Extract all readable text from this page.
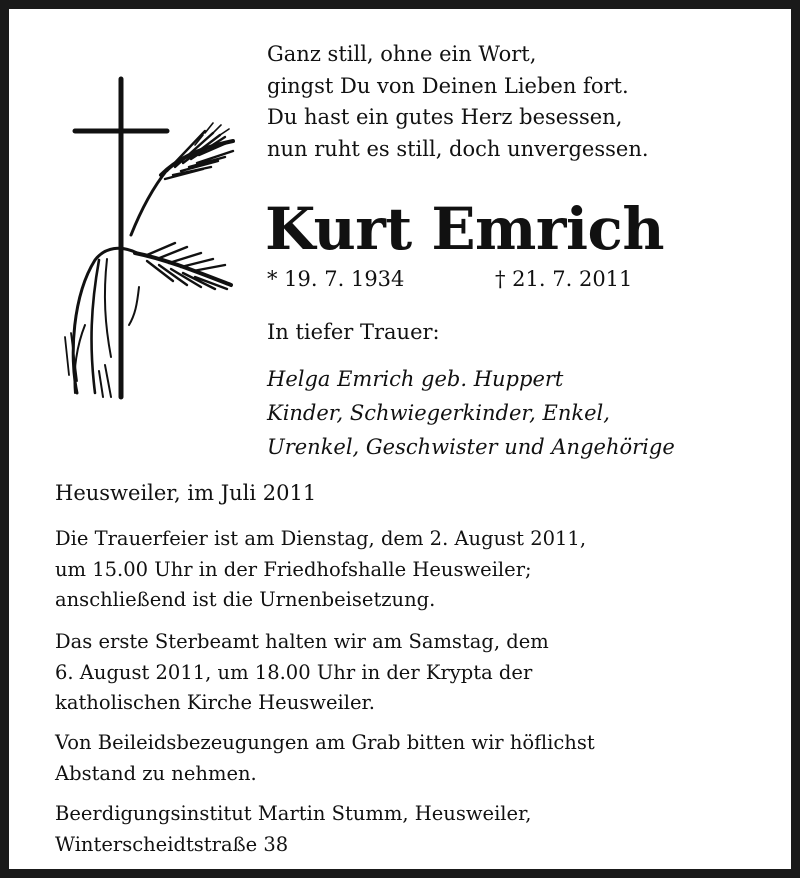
Ganz still, ohne ein Wort,
gingst Du von Deinen Lieben fort.
Du hast ein gutes Herz besessen,
nun ruht es still, doch unvergessen.
Kurt Emrich
* 19. 7. 1934	† 21. 7. 2011
In tiefer Trauer:
Helga Emrich geb. Huppert
Kinder, Schwiegerkinder, Enkel,
Urenkel, Geschwister und Angehörige
Heusweiler, im Juli 2011
Die Trauerfeier ist am Dienstag, dem 2. August 2011,
um 15.00 Uhr in der Friedhofshalle Heusweiler;
anschließend ist die Urnenbeisetzung.
Das erste Sterbeamt halten wir am Samstag, dem
6. August 2011, um 18.00 Uhr in der Krypta der
katholischen Kirche Heusweiler.
Von Beileidsbezeugungen am Grab bitten wir höflichst
Abstand zu nehmen.
Beerdigungsinstitut Martin Stumm, Heusweiler,
Winterscheidtstraße 38
